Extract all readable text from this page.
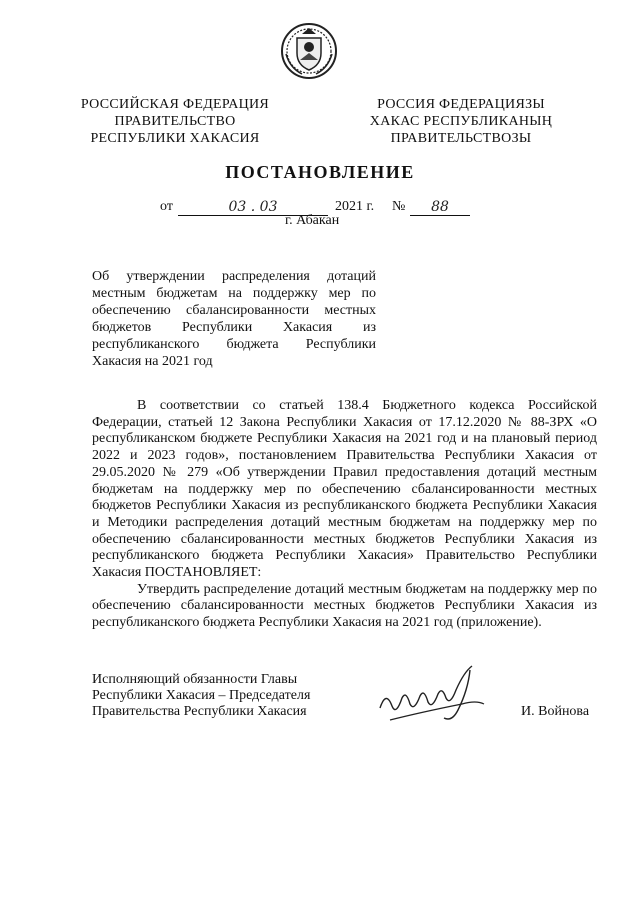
РОССИЙСКАЯ ФЕДЕРАЦИЯ
ПРАВИТЕЛЬСТВО
РЕСПУБЛИКИ ХАКАСИЯ
РОССИЯ ФЕДЕРАЦИЯЗЫ
ХАКАС РЕСПУБЛИКАНЫҢ
ПРАВИТЕЛЬСТВОЗЫ
ПОСТАНОВЛЕНИЕ
от	03 . 03	2021 г. №	88
г. Абакан
Об утверждении распределения дотаций
местным бюджетам на поддержку мер по
обеспечению сбалансированности местных
бюджетов Республики Хакасия из
республиканского бюджета Республики
Хакасия на 2021 год

В соответствии со статьей 138.4 Бюджетного кодекса Российской Федерации, статьей 12 Закона Республики Хакасия от 17.12.2020 № 88-ЗРХ «О республиканском бюджете Республики Хакасия на 2021 год и на плановый период 2022 и 2023 годов», постановлением Правительства Республики Хакасия от 29.05.2020 № 279 «Об утверждении Правил предоставления дотаций местным бюджетам на поддержку мер по обеспечению сбалансированности местных бюджетов Республики Хакасия из республиканского бюджета Республики Хакасия и Методики распределения дотаций местным бюджетам на поддержку мер по обеспечению сбалансированности местных бюджетов Республики Хакасия из республиканского бюджета Республики Хакасия» Правительство Республики Хакасия ПОСТАНОВЛЯЕТ:

Утвердить распределение дотаций местным бюджетам на поддержку мер по обеспечению сбалансированности местных бюджетов Республики Хакасия из республиканского бюджета Республики Хакасия на 2021 год (приложение).

Исполняющий обязанности Главы
Республики Хакасия – Председателя
Правительства Республики Хакасия	И. Войнова
